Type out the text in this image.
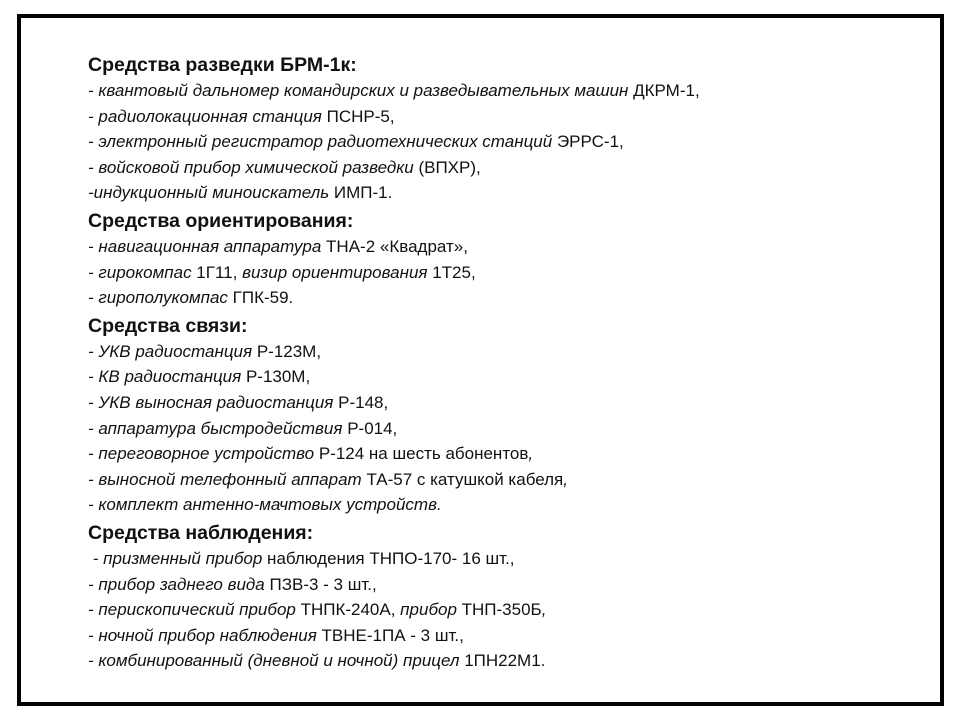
Средства разведки БРМ-1к:
- квантовый дальномер командирских и разведывательных машин ДКРМ-1,
- радиолокационная станция ПСНР-5,
- электронный регистратор радиотехнических станций ЭРРС-1,
- войсковой прибор химической разведки (ВПХР),
-индукционный миноискатель ИМП-1.
Средства ориентирования:
- навигационная аппаратура ТНА-2 «Квадрат»,
- гирокомпас 1Г11, визир ориентирования 1Т25,
- гирополукомпас ГПК-59.
Средства связи:
- УКВ радиостанция Р-123М,
- КВ радиостанция Р-130М,
- УКВ выносная радиостанция Р-148,
- аппаратура быстродействия Р-014,
- переговорное устройство Р-124 на шесть абонентов,
- выносной телефонный аппарат ТА-57 с катушкой кабеля,
- комплект антенно-мачтовых устройств.
Средства наблюдения:
- призменный прибор наблюдения ТНПО-170- 16 шт.,
- прибор заднего вида ПЗВ-3 - 3 шт.,
- перископический прибор ТНПК-240А, прибор ТНП-350Б,
- ночной прибор наблюдения ТВНЕ-1ПА - 3 шт.,
- комбинированный (дневной и ночной) прицел 1ПН22М1.
